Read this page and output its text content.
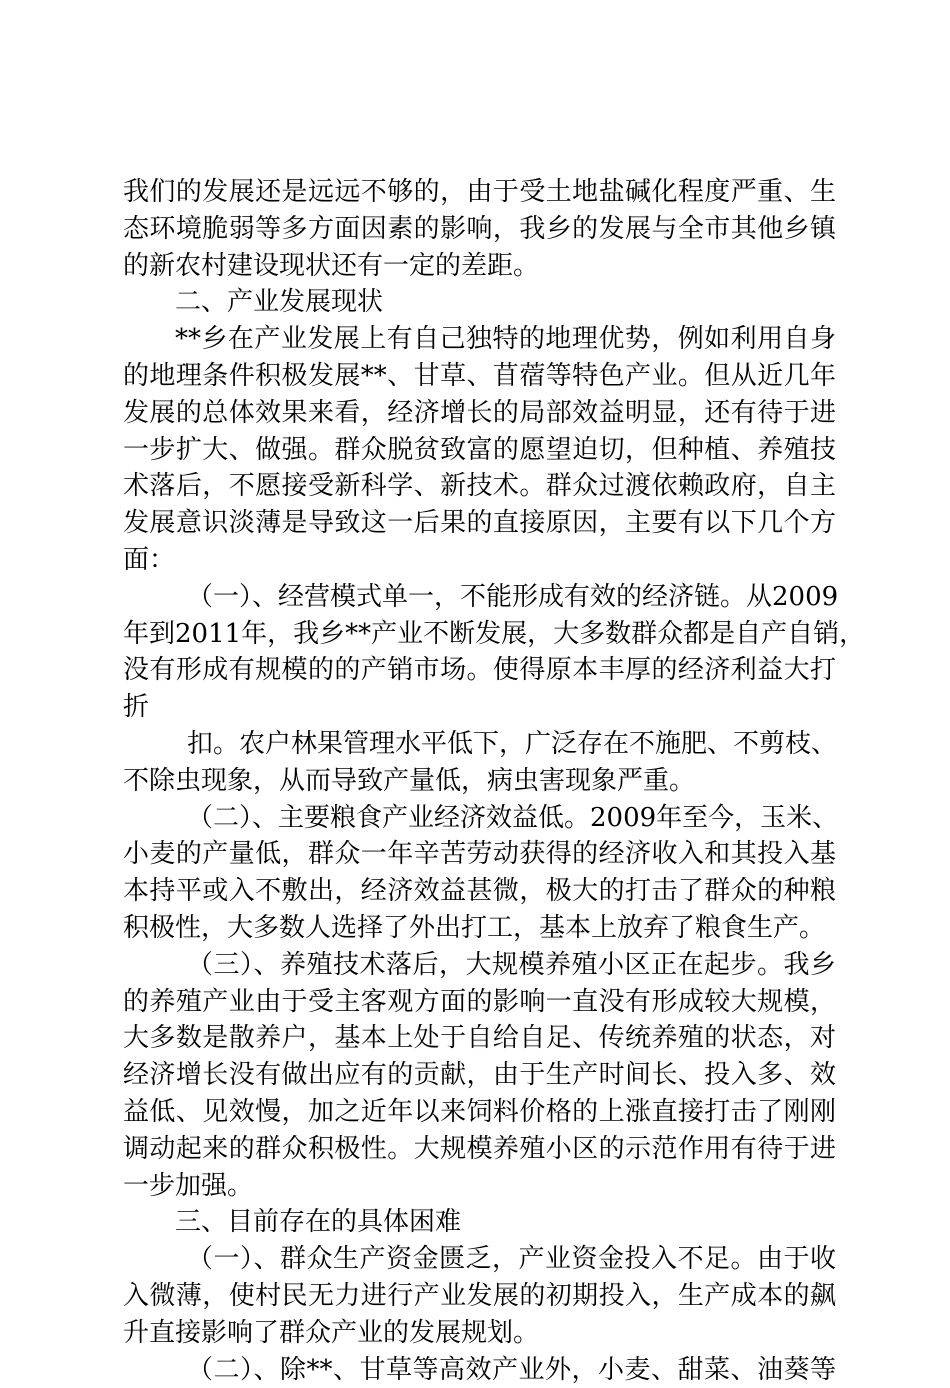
我们的发展还是远远不够的，由于受土地盐碱化程度严重、生
态环境脆弱等多方面因素的影响，我乡的发展与全市其他乡镇
的新农村建设现状还有一定的差距。
二、产业发展现状
**乡在产业发展上有自己独特的地理优势，例如利用自身
的地理条件积极发展**、甘草、苜蓿等特色产业。但从近几年
发展的总体效果来看，经济增长的局部效益明显，还有待于进
一步扩大、做强。群众脱贫致富的愿望迫切，但种植、养殖技
术落后，不愿接受新科学、新技术。群众过渡依赖政府，自主
发展意识淡薄是导致这一后果的直接原因，主要有以下几个方
面：
（一）、经营模式单一，不能形成有效的经济链。从2009
年到2011年，我乡**产业不断发展，大多数群众都是自产自销，
没有形成有规模的的产销市场。使得原本丰厚的经济利益大打
折
扣。农户林果管理水平低下，广泛存在不施肥、不剪枝、
不除虫现象，从而导致产量低，病虫害现象严重。
（二）、主要粮食产业经济效益低。2009年至今，玉米、
小麦的产量低，群众一年辛苦劳动获得的经济收入和其投入基
本持平或入不敷出，经济效益甚微，极大的打击了群众的种粮
积极性，大多数人选择了外出打工，基本上放弃了粮食生产。
（三）、养殖技术落后，大规模养殖小区正在起步。我乡
的养殖产业由于受主客观方面的影响一直没有形成较大规模，
大多数是散养户，基本上处于自给自足、传统养殖的状态，对
经济增长没有做出应有的贡献，由于生产时间长、投入多、效
益低、见效慢，加之近年以来饲料价格的上涨直接打击了刚刚
调动起来的群众积极性。大规模养殖小区的示范作用有待于进
一步加强。
三、目前存在的具体困难
（一）、群众生产资金匮乏，产业资金投入不足。由于收
入微薄，使村民无力进行产业发展的初期投入，生产成本的飙
升直接影响了群众产业的发展规划。
（二）、除**、甘草等高效产业外，小麦、甜菜、油葵等
